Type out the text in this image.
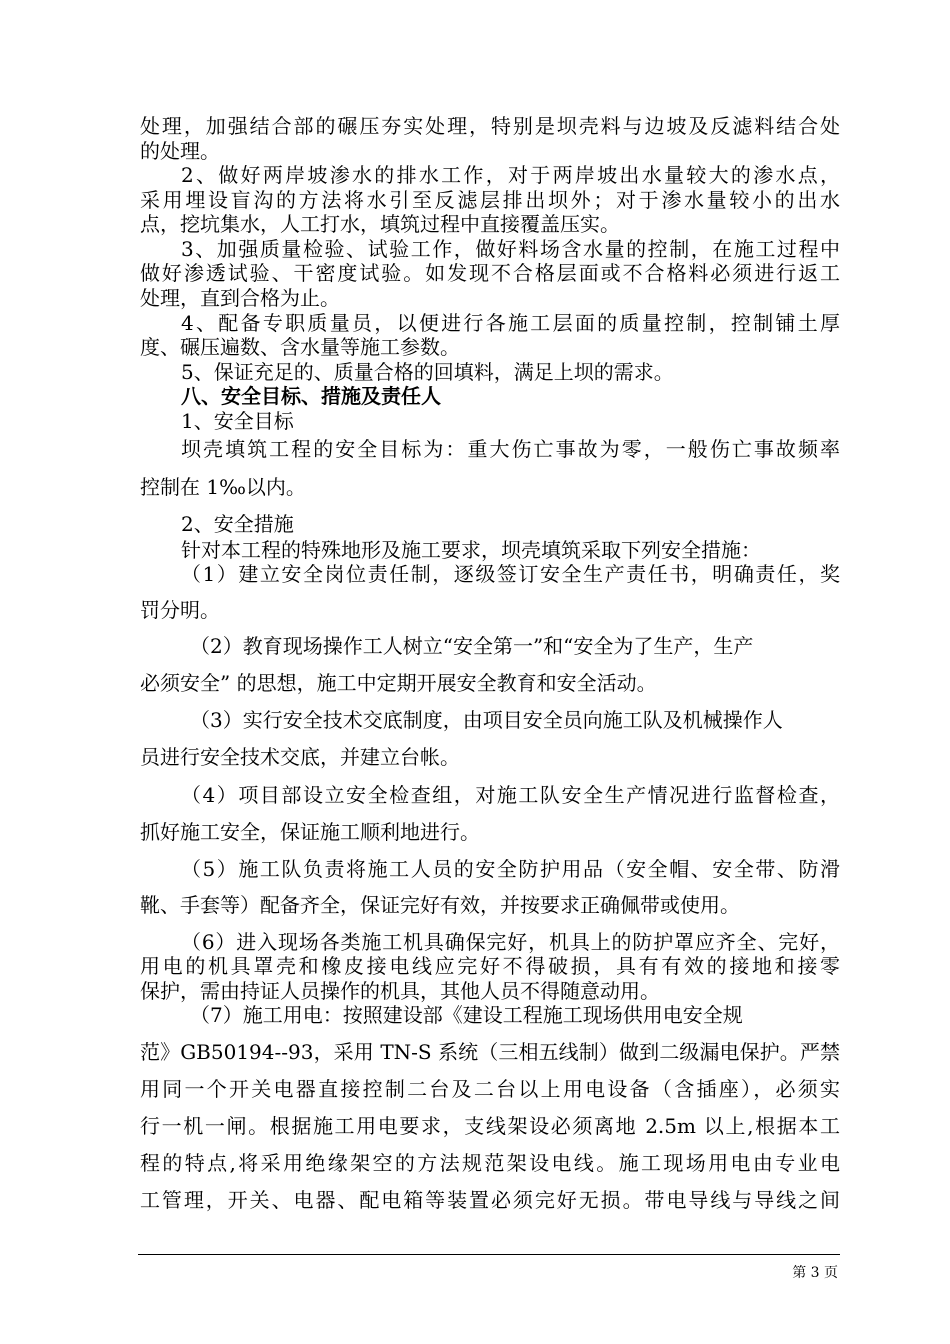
处理，加强结合部的碾压夯实处理，特别是坝壳料与边坡及反滤料结合处

的处理。

2、做好两岸坡渗水的排水工作，对于两岸坡出水量较大的渗水点，

采用埋设盲沟的方法将水引至反滤层排出坝外；对于渗水量较小的出水

点，挖坑集水，人工打水，填筑过程中直接覆盖压实。

3、加强质量检验、试验工作，做好料场含水量的控制，在施工过程中

做好渗透试验、干密度试验。如发现不合格层面或不合格料必须进行返工

处理，直到合格为止。

4、配备专职质量员，以便进行各施工层面的质量控制，控制铺土厚

度、碾压遍数、含水量等施工参数。

5、保证充足的、质量合格的回填料，满足上坝的需求。

八、安全目标、措施及责任人

1、安全目标

坝壳填筑工程的安全目标为：重大伤亡事故为零，一般伤亡事故频率

控制在 1‰以内。

2、安全措施

针对本工程的特殊地形及施工要求，坝壳填筑采取下列安全措施：

（1）建立安全岗位责任制，逐级签订安全生产责任书，明确责任，奖

罚分明。

（2）教育现场操作工人树立“安全第一”和“安全为了生产，生产

必须安全” 的思想，施工中定期开展安全教育和安全活动。

（3）实行安全技术交底制度，由项目安全员向施工队及机械操作人

员进行安全技术交底，并建立台帐。

（4）项目部设立安全检查组，对施工队安全生产情况进行监督检查，

抓好施工安全，保证施工顺利地进行。

（5）施工队负责将施工人员的安全防护用品（安全帽、安全带、防滑

靴、手套等）配备齐全，保证完好有效，并按要求正确佩带或使用。

（6）进入现场各类施工机具确保完好，机具上的防护罩应齐全、完好，

用电的机具罩壳和橡皮接电线应完好不得破损，具有有效的接地和接零

保护，需由持证人员操作的机具，其他人员不得随意动用。

（7）施工用电：按照建设部《建设工程施工现场供用电安全规

范》GB50194--93，采用 TN-S 系统（三相五线制）做到二级漏电保护。严禁

用同一个开关电器直接控制二台及二台以上用电设备（含插座），必须实

行一机一闸。根据施工用电要求，支线架设必须离地 2.5m 以上,根据本工

程的特点,将采用绝缘架空的方法规范架设电线。施工现场用电由专业电

工管理，开关、电器、配电箱等装置必须完好无损。带电导线与导线之间

第 3 页
